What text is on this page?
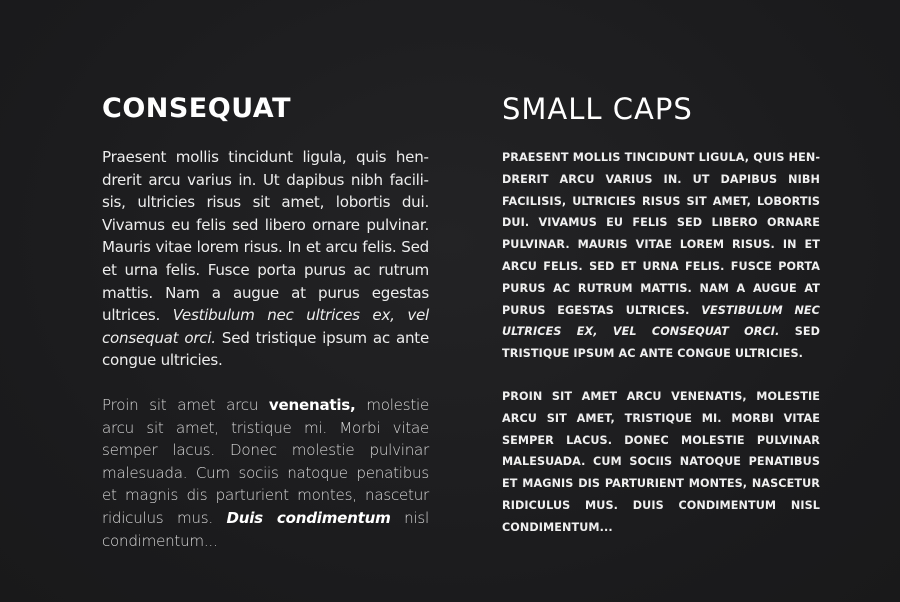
CONSEQUAT

Praesent mollis tincidunt ligula, quis hendrerit arcu varius in. Ut dapibus nibh facilisis, ultricies risus sit amet, lobortis dui. Vivamus eu felis sed libero ornare pulvinar. Mauris vitae lorem risus. In et arcu felis. Sed et urna felis. Fusce porta purus ac rutrum mattis. Nam a augue at purus egestas ultrices. Vestibulum nec ultrices ex, vel consequat orci. Sed tristique ipsum ac ante congue ultricies.

Proin sit amet arcu venenatis, molestie arcu sit amet, tristique mi. Morbi vitae semper lacus. Donec molestie pulvinar malesuada. Cum sociis natoque penatibus et magnis dis parturient montes, nascetur ridiculus mus. Duis condimentum nisl condimentum...

SMALL CAPS

PRAESENT MOLLIS TINCIDUNT LIGULA, QUIS HENDRERIT ARCU VARIUS IN. UT DAPIBUS NIBH FACILISIS, ULTRICIES RISUS SIT AMET, LOBORTIS DUI. VIVAMUS EU FELIS SED LIBERO ORNARE PULVINAR. MAURIS VITAE LOREM RISUS. IN ET ARCU FELIS. SED ET URNA FELIS. FUSCE PORTA PURUS AC RUTRUM MATTIS. NAM A AUGUE AT PURUS EGESTAS ULTRICES. VESTIBULUM NEC ULTRICES EX, VEL CONSEQUAT ORCI. SED TRISTIQUE IPSUM AC ANTE CONGUE ULTRICIES.

PROIN SIT AMET ARCU VENENATIS, MOLESTIE ARCU SIT AMET, TRISTIQUE MI. MORBI VITAE SEMPER LACUS. DONEC MOLESTIE PULVINAR MALESUADA. CUM SOCIIS NATOQUE PENATIBUS ET MAGNIS DIS PARTURIENT MONTES, NASCETUR RIDICULUS MUS. DUIS CONDIMENTUM NISL CONDIMENTUM...
